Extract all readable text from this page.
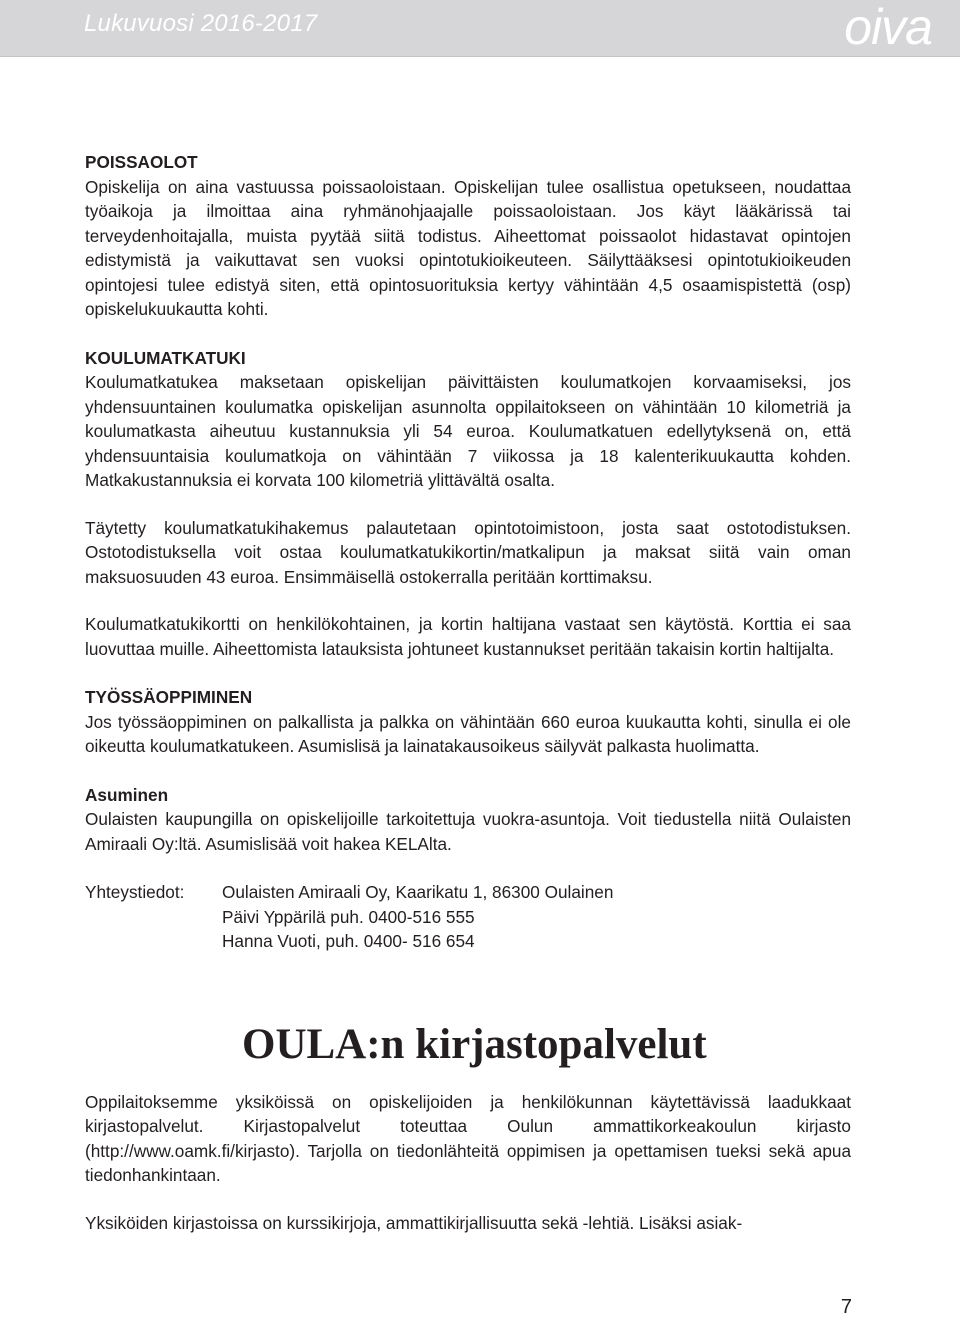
Lukuvuosi 2016-2017	oiva
POISSAOLOT

Opiskelija on aina vastuussa poissaoloistaan. Opiskelijan tulee osallistua opetukseen, noudattaa työaikoja ja ilmoittaa aina ryhmänohjaajalle poissaoloistaan. Jos käyt lääkärissä tai terveydenhoitajalla, muista pyytää siitä todistus. Aiheettomat poissaolot hidastavat opintojen edistymistä ja vaikuttavat sen vuoksi opintotukioikeuteen. Säilyttääksesi opintotukioikeuden opintojesi tulee edistyä siten, että opintosuorituksia kertyy vähintään 4,5 osaamispistettä (osp) opiskelukuukautta kohti.

KOULUMATKATUKI

Koulumatkatukea maksetaan opiskelijan päivittäisten koulumatkojen korvaamiseksi, jos yhdensuuntainen koulumatka opiskelijan asunnolta oppilaitokseen on vähintään 10 kilometriä ja koulumatkasta aiheutuu kustannuksia yli 54 euroa. Koulumatkatuen edellytyksenä on, että yhdensuuntaisia koulumatkoja on vähintään 7 viikossa ja 18 kalenterikuukautta kohden. Matkakustannuksia ei korvata 100 kilometriä ylittävältä osalta.

Täytetty koulumatkatukihakemus palautetaan opintotoimistoon, josta saat ostotodistuksen. Ostotodistuksella voit ostaa koulumatkatukikortin/matkalipun ja maksat siitä vain oman maksuosuuden 43 euroa. Ensimmäisellä ostokerralla peritään korttimaksu.

Koulumatkatukikortti on henkilökohtainen, ja kortin haltijana vastaat sen käytöstä. Korttia ei saa luovuttaa muille. Aiheettomista latauksista johtuneet kustannukset peritään takaisin kortin haltijalta.

TYÖSSÄOPPIMINEN

Jos työssäoppiminen on palkallista ja palkka on vähintään 660 euroa kuukautta kohti, sinulla ei ole oikeutta koulumatkatukeen. Asumislisä ja lainatakausoikeus säilyvät palkasta huolimatta.

Asuminen

Oulaisten kaupungilla on opiskelijoille tarkoitettuja vuokra-asuntoja. Voit tiedustella niitä Oulaisten Amiraali Oy:ltä. Asumislisää voit hakea KELAlta.

Yhteystiedot:	Oulaisten Amiraali Oy, Kaarikatu 1, 86300 Oulainen
Päivi Yppärilä puh. 0400-516 555
Hanna Vuoti, puh. 0400- 516 654
OULA:n kirjastopalvelut

Oppilaitoksemme yksiköissä on opiskelijoiden ja henkilökunnan käytettävissä laadukkaat kirjastopalvelut. Kirjastopalvelut toteuttaa Oulun ammattikorkeakoulun kirjasto (http://www.oamk.fi/kirjasto). Tarjolla on tiedonlähteitä oppimisen ja opettamisen tueksi sekä apua tiedonhankintaan.

Yksiköiden kirjastoissa on kurssikirjoja, ammattikirjallisuutta sekä -lehtiä. Lisäksi asiak-

7
